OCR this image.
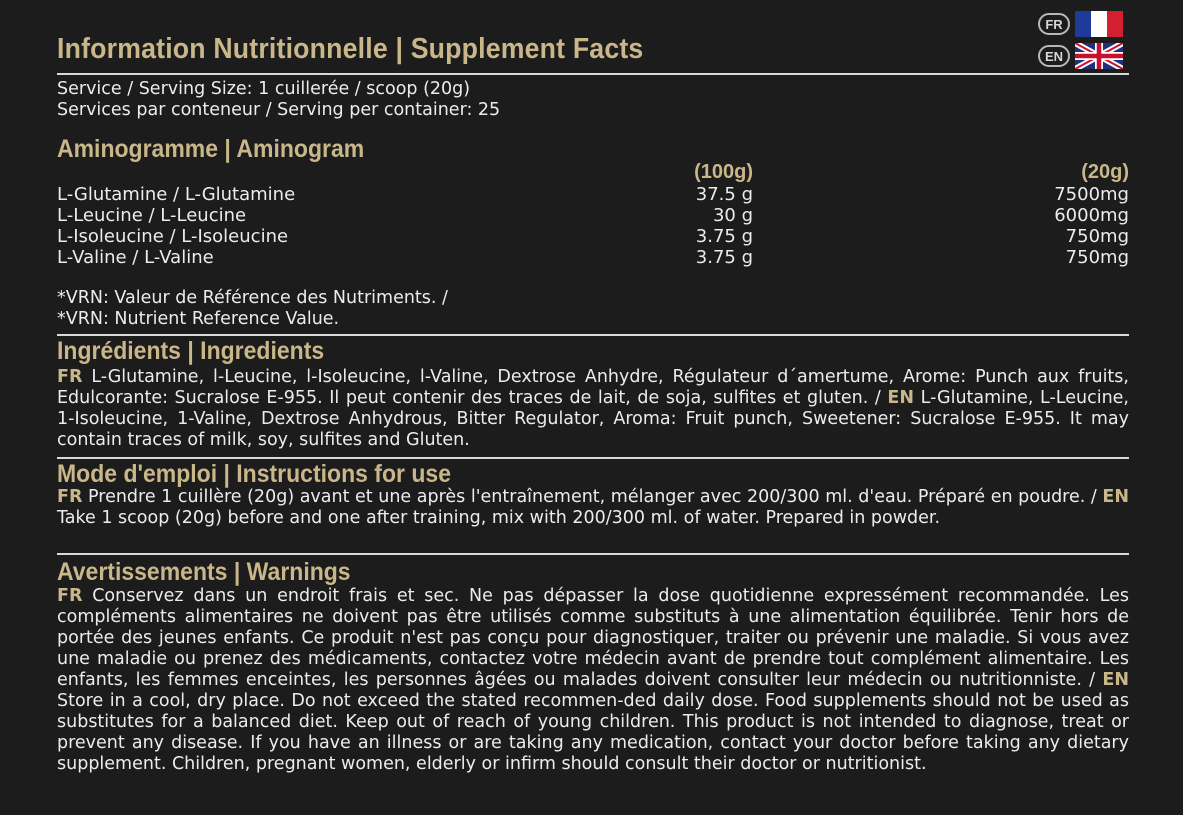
Information Nutritionnelle | Supplement Facts
FR
EN
Service / Serving Size: 1 cuillerée / scoop (20g)
Services par conteneur / Serving per container: 25
Aminogramme | Aminogram
(100g)	(20g)
L-Glutamine / L-Glutamine	37.5 g	7500mg
L-Leucine / L-Leucine	30 g	6000mg
L-Isoleucine / L-Isoleucine	3.75 g	750mg
L-Valine / L-Valine	3.75 g	750mg
*VRN: Valeur de Référence des Nutriments. /
*VRN: Nutrient Reference Value.
Ingrédients | Ingredients

FR L-Glutamine, l-Leucine, l-Isoleucine, l-Valine, Dextrose Anhydre, Régulateur d´amertume, Arome: Punch aux fruits, Edulcorante: Sucralose E-955. Il peut contenir des traces de lait, de soja, sulfites et gluten. / EN L-Glutamine, L-Leucine, 1-Isoleucine, 1-Valine, Dextrose Anhydrous, Bitter Regulator, Aroma: Fruit punch, Sweetener: Sucralose E-955. It may contain traces of milk, soy, sulfites and Gluten.

Mode d'emploi | Instructions for use

FR Prendre 1 cuillère (20g) avant et une après l'entraînement, mélanger avec 200/300 ml. d'eau. Préparé en poudre. / EN Take 1 scoop (20g) before and one after training, mix with 200/300 ml. of water. Prepared in powder.

Avertissements | Warnings

FR Conservez dans un endroit frais et sec. Ne pas dépasser la dose quotidienne expressément recommandée. Les compléments alimentaires ne doivent pas être utilisés comme substituts à une alimentation équilibrée. Tenir hors de portée des jeunes enfants. Ce produit n'est pas conçu pour diagnostiquer, traiter ou prévenir une maladie. Si vous avez une maladie ou prenez des médicaments, contactez votre médecin avant de prendre tout complément alimentaire. Les enfants, les femmes enceintes, les personnes âgées ou malades doivent consulter leur médecin ou nutritionniste. / EN Store in a cool, dry place. Do not exceed the stated recommen-ded daily dose. Food supplements should not be used as substitutes for a balanced diet. Keep out of reach of young children. This product is not intended to diagnose, treat or prevent any disease. If you have an illness or are taking any medication, contact your doctor before taking any dietary supplement. Children, pregnant women, elderly or infirm should consult their doctor or nutritionist.
